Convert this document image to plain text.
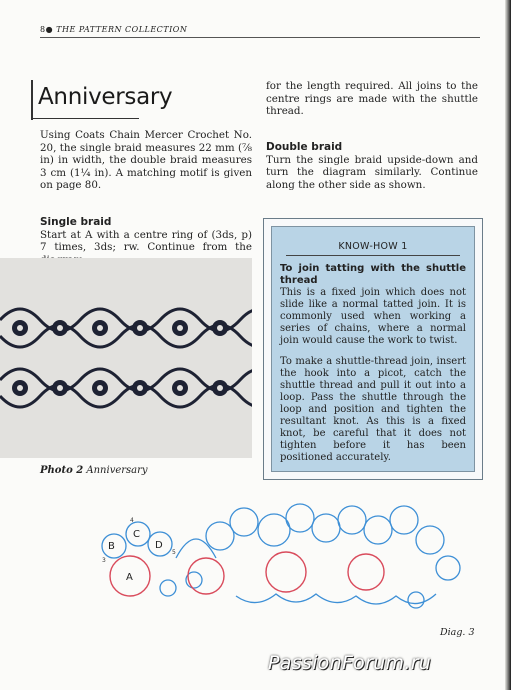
8● THE PATTERN COLLECTION
Anniversary
Using Coats Chain Mercer Crochet No. 20, the single braid measures 22 mm (⅞ in) in width, the double braid measures 3 cm (1¼ in). A matching motif is given on page 80.
Single braid
Start at A with a centre ring of (3ds, p) 7 times, 3ds; rw. Continue from the
for the length required. All joins to the centre rings are made with the shuttle thread.
Double braid
Turn the single braid upside-down and turn the diagram similarly. Continue along the other side as shown.
Photo 2 Anniversary
KNOW-HOW 1
To join tatting with the shuttle thread
This is a fixed join which does not slide like a normal tatted join. It is commonly used when working a series of chains, where a normal join would cause the work to twist.
To make a shuttle-thread join, insert the hook into a picot, catch the shuttle thread and pull it out into a loop. Pass the shuttle through the loop and position and tighten the resultant knot. As this is a fixed knot, be careful that it does not tighten before it has been positioned accurately.
A
B
C
D
3
4
5
Diag. 3
PassionForum.ru
